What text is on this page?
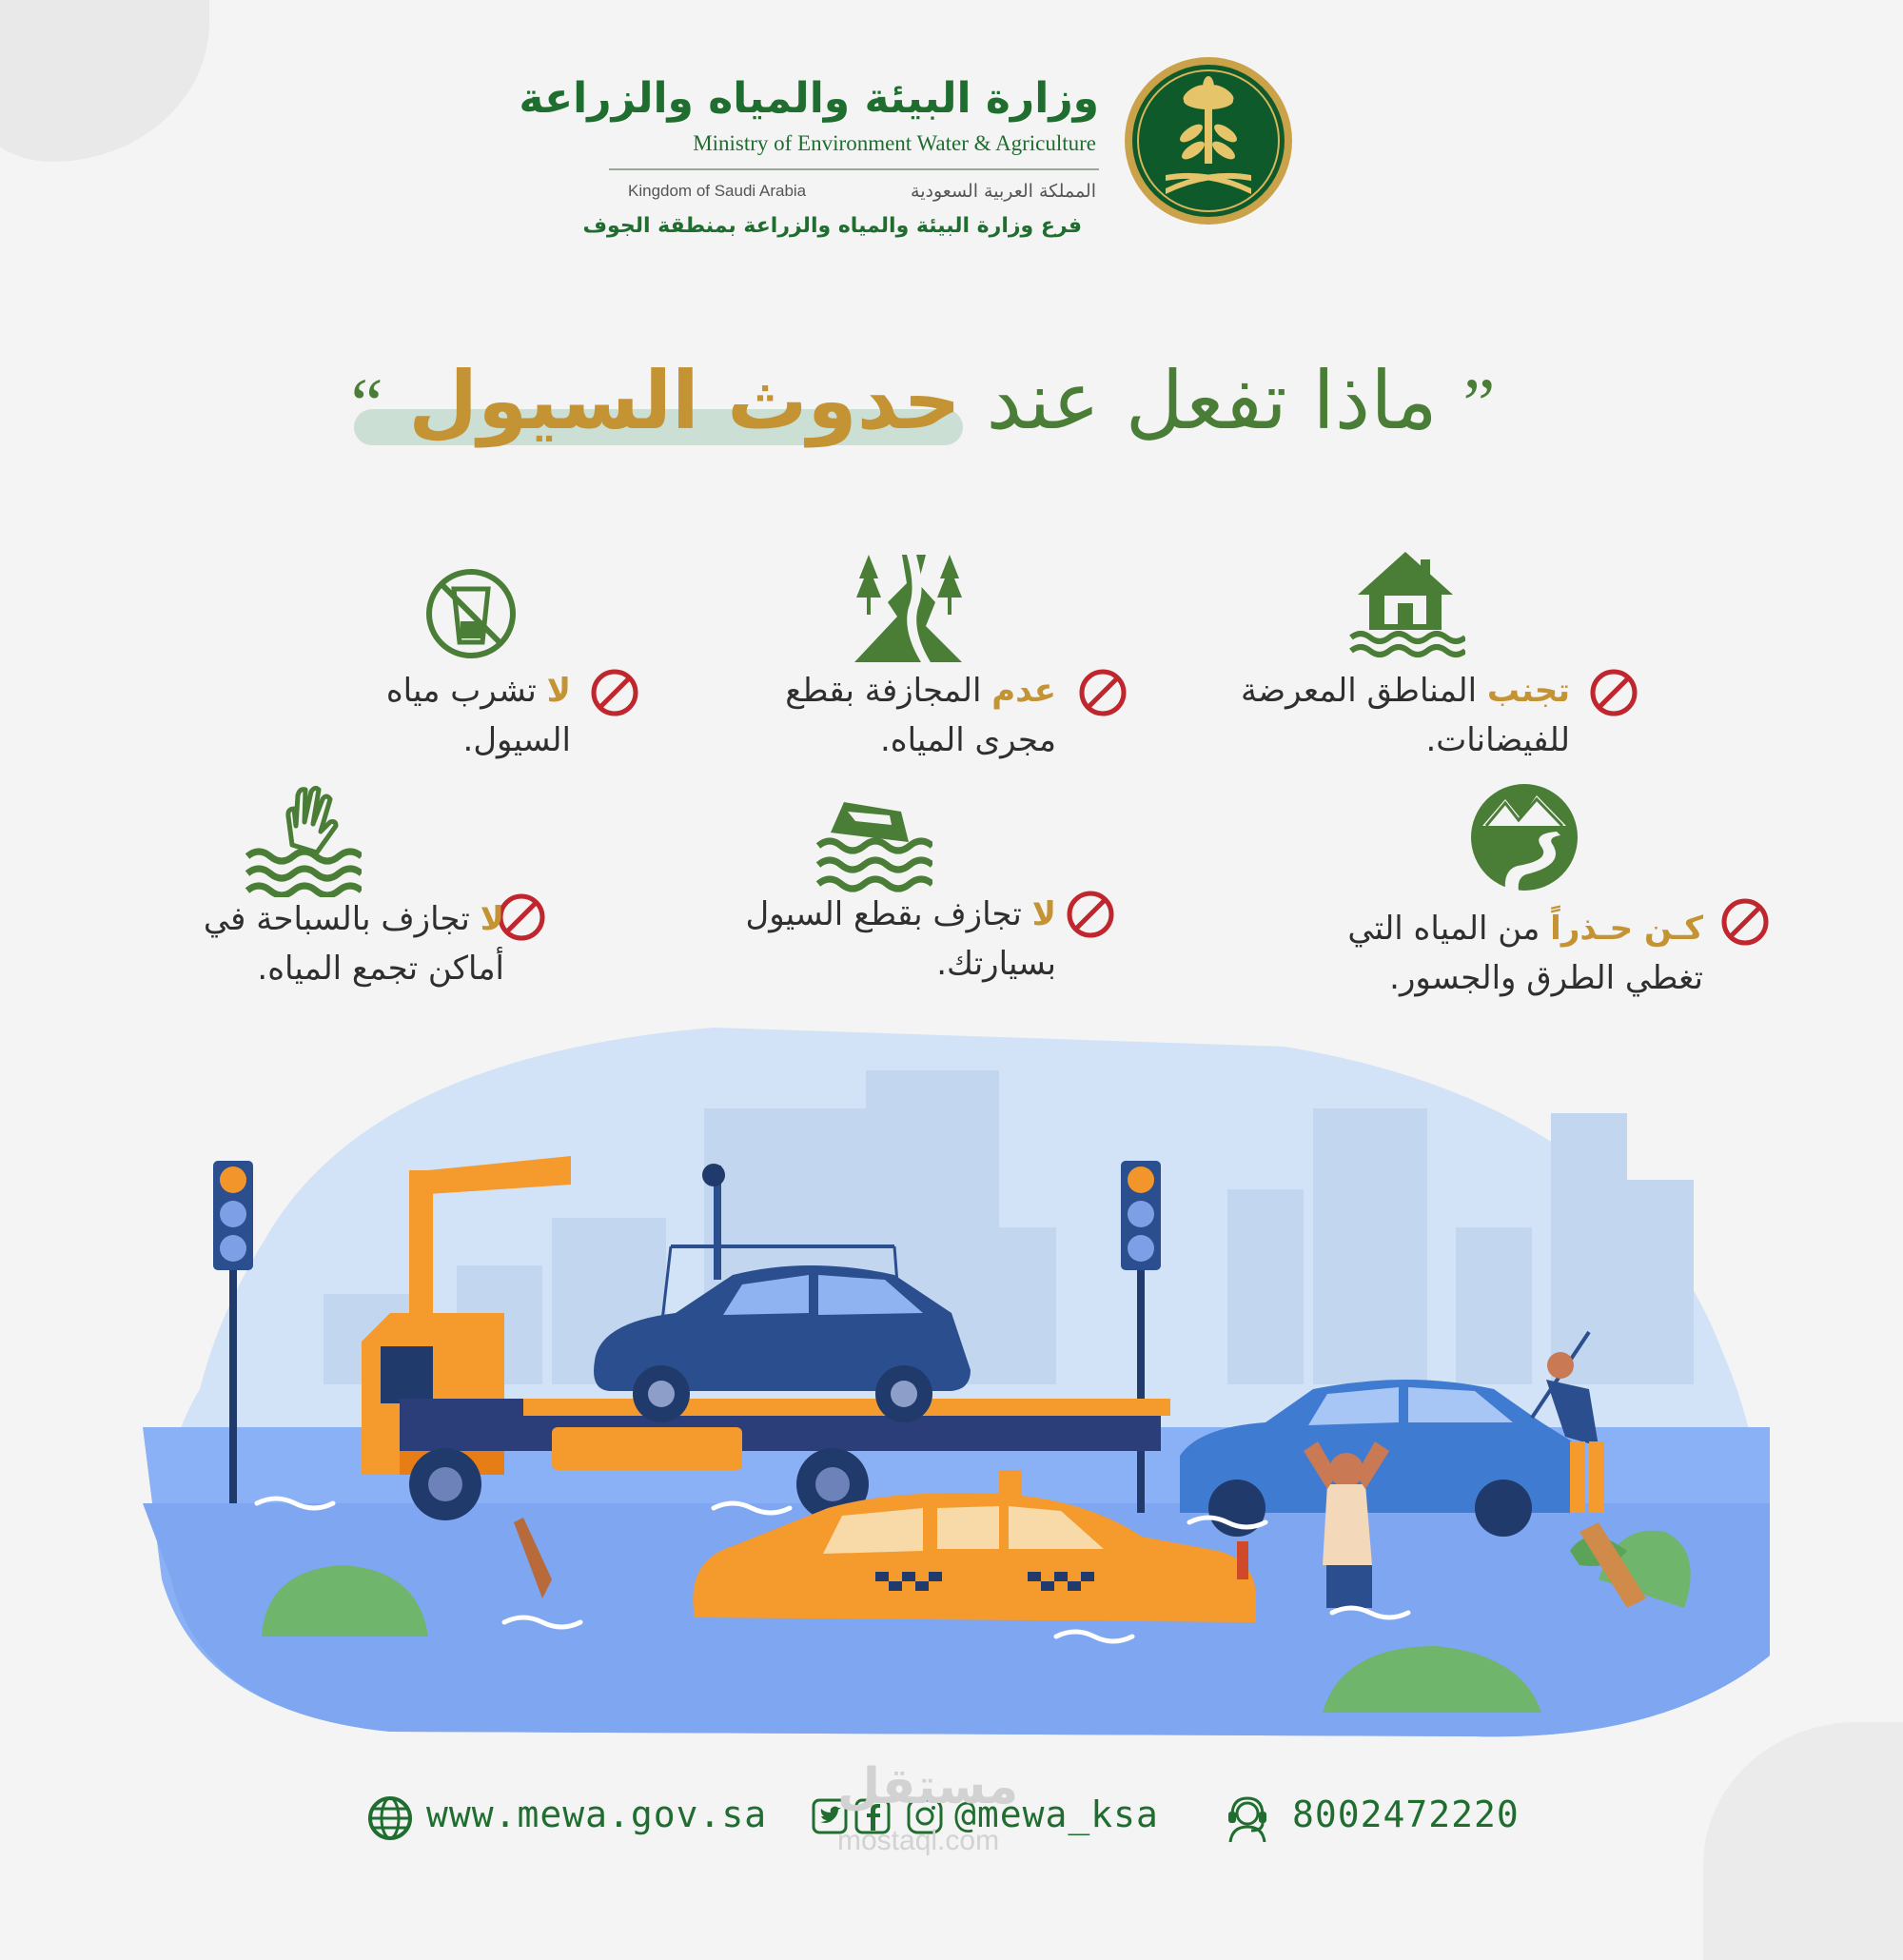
وزارة البيئة والمياه والزراعة
Ministry of Environment Water & Agriculture
المملكة العربية السعودية
Kingdom of Saudi Arabia
فرع وزارة البيئة والمياه والزراعة بمنطقة الجوف
” ماذا تفعل عند حدوث السيول “
تجنب المناطق المعرضة
للفيضانات.
عدم المجازفة بقطع
مجرى المياه.
لا تشرب مياه
السيول.
كـن حـذراً من المياه التي
تغطي الطرق والجسور.
لا تجازف بقطع السيول
بسيارتك.
لا تجازف بالسباحة في
أماكن تجمع المياه.
www.mewa.gov.sa	@mewa_ksa	8002472220
مستقل
mostaql.com
